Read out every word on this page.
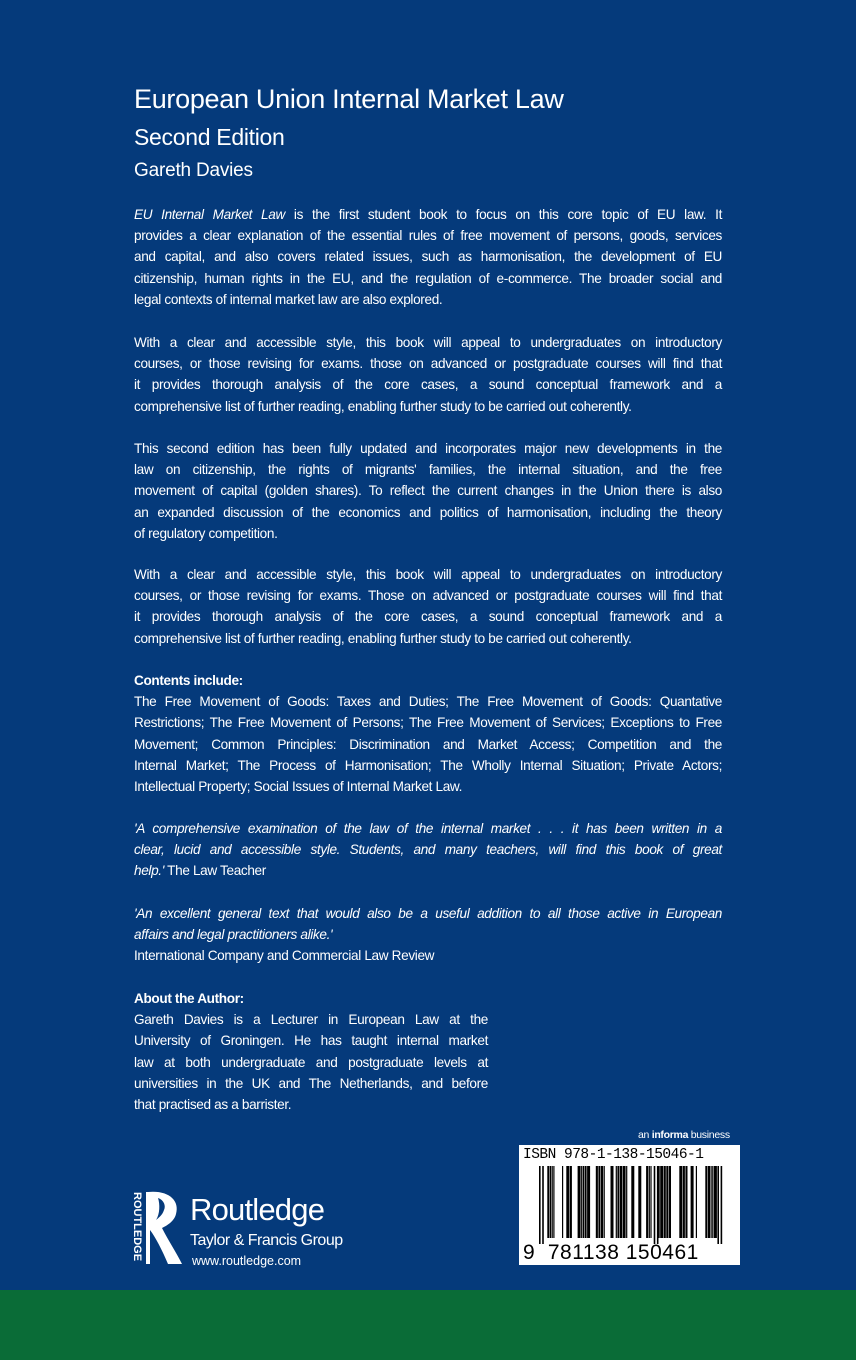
European Union Internal Market Law
Second Edition
Gareth Davies
EU Internal Market Law is the first student book to focus on this core topic of EU law. It
provides a clear explanation of the essential rules of free movement of persons, goods, services
and capital, and also covers related issues, such as harmonisation, the development of EU
citizenship, human rights in the EU, and the regulation of e-commerce. The broader social and
legal contexts of internal market law are also explored.
With a clear and accessible style, this book will appeal to undergraduates on introductory
courses, or those revising for exams. those on advanced or postgraduate courses will find that
it provides thorough analysis of the core cases, a sound conceptual framework and a
comprehensive list of further reading, enabling further study to be carried out coherently.
This second edition has been fully updated and incorporates major new developments in the
law on citizenship, the rights of migrants' families, the internal situation, and the free
movement of capital (golden shares). To reflect the current changes in the Union there is also
an expanded discussion of the economics and politics of harmonisation, including the theory
of regulatory competition.
With a clear and accessible style, this book will appeal to undergraduates on introductory
courses, or those revising for exams. Those on advanced or postgraduate courses will find that
it provides thorough analysis of the core cases, a sound conceptual framework and a
comprehensive list of further reading, enabling further study to be carried out coherently.
Contents include:
The Free Movement of Goods: Taxes and Duties; The Free Movement of Goods: Quantative
Restrictions; The Free Movement of Persons; The Free Movement of Services; Exceptions to Free
Movement; Common Principles: Discrimination and Market Access; Competition and the
Internal Market; The Process of Harmonisation; The Wholly Internal Situation; Private Actors;
Intellectual Property; Social Issues of Internal Market Law.
'A comprehensive examination of the law of the internal market . . . it has been written in a
clear, lucid and accessible style. Students, and many teachers, will find this book of great
help.' The Law Teacher
'An excellent general text that would also be a useful addition to all those active in European
affairs and legal practitioners alike.'
International Company and Commercial Law Review
About the Author:
Gareth Davies is a Lecturer in European Law at the
University of Groningen. He has taught internal market
law at both undergraduate and postgraduate levels at
universities in the UK and The Netherlands, and before
that practised as a barrister.
an informa business
ISBN 978-1-138-15046-1
9 781138 150461
ROUTLEDGE Routledge
Taylor & Francis Group
www.routledge.com
